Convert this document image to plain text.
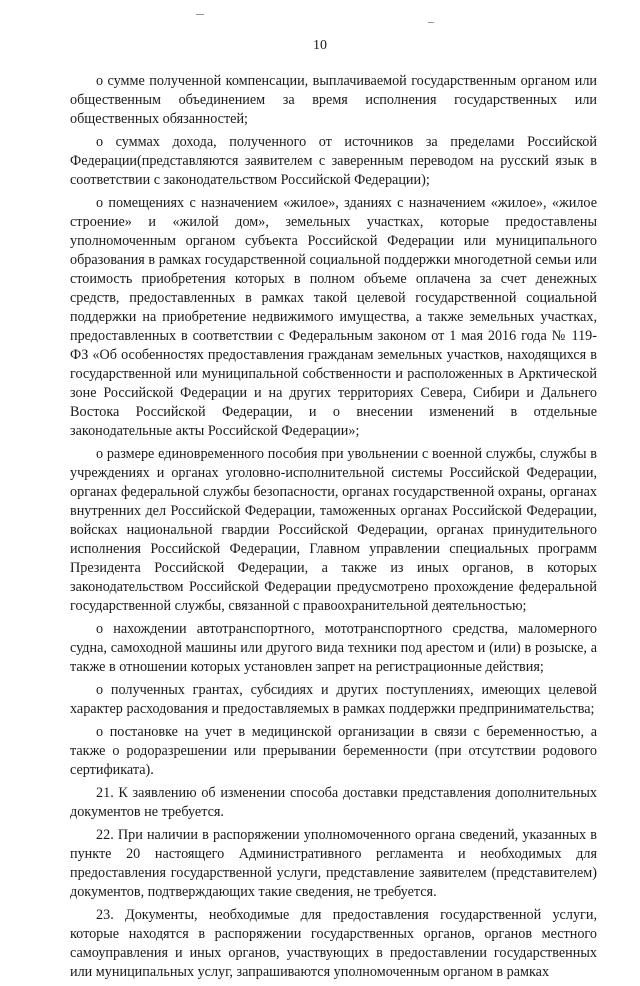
10

о сумме полученной компенсации, выплачиваемой государственным органом или общественным объединением за время исполнения государственных или общественных обязанностей;

о суммах дохода, полученного от источников за пределами Российской Федерации(представляются заявителем с заверенным переводом на русский язык в соответствии с законодательством Российской Федерации);

о помещениях с назначением «жилое», зданиях с назначением «жилое», «жилое строение» и «жилой дом», земельных участках, которые предоставлены уполномоченным органом субъекта Российской Федерации или муниципального образования в рамках государственной социальной поддержки многодетной семьи или стоимость приобретения которых в полном объеме оплачена за счет денежных средств, предоставленных в рамках такой целевой государственной социальной поддержки на приобретение недвижимого имущества, а также земельных участках, предоставленных в соответствии с Федеральным законом от 1 мая 2016 года № 119-ФЗ «Об особенностях предоставления гражданам земельных участков, находящихся в государственной или муниципальной собственности и расположенных в Арктической зоне Российской Федерации и на других территориях Севера, Сибири и Дальнего Востока Российской Федерации, и о внесении изменений в отдельные законодательные акты Российской Федерации»;

о размере единовременного пособия при увольнении с военной службы, службы в учреждениях и органах уголовно-исполнительной системы Российской Федерации, органах федеральной службы безопасности, органах государственной охраны, органах внутренних дел Российской Федерации, таможенных органах Российской Федерации, войсках национальной гвардии Российской Федерации, органах принудительного исполнения Российской Федерации, Главном управлении специальных программ Президента Российской Федерации, а также из иных органов, в которых законодательством Российской Федерации предусмотрено прохождение федеральной государственной службы, связанной с правоохранительной деятельностью;

о нахождении автотранспортного, мототранспортного средства, маломерного судна, самоходной машины или другого вида техники под арестом и (или) в розыске, а также в отношении которых установлен запрет на регистрационные действия;

о полученных грантах, субсидиях и других поступлениях, имеющих целевой характер расходования и предоставляемых в рамках поддержки предпринимательства;

о постановке на учет в медицинской организации в связи с беременностью, а также о родоразрешении или прерывании беременности (при отсутствии родового сертификата).

21. К заявлению об изменении способа доставки представления дополнительных документов не требуется.

22. При наличии в распоряжении уполномоченного органа сведений, указанных в пункте 20 настоящего Административного регламента и необходимых для предоставления государственной услуги, представление заявителем (представителем) документов, подтверждающих такие сведения, не требуется.

23. Документы, необходимые для предоставления государственной услуги, которые находятся в распоряжении государственных органов, органов местного самоуправления и иных органов, участвующих в предоставлении государственных или муниципальных услуг, запрашиваются уполномоченным органом в рамках
